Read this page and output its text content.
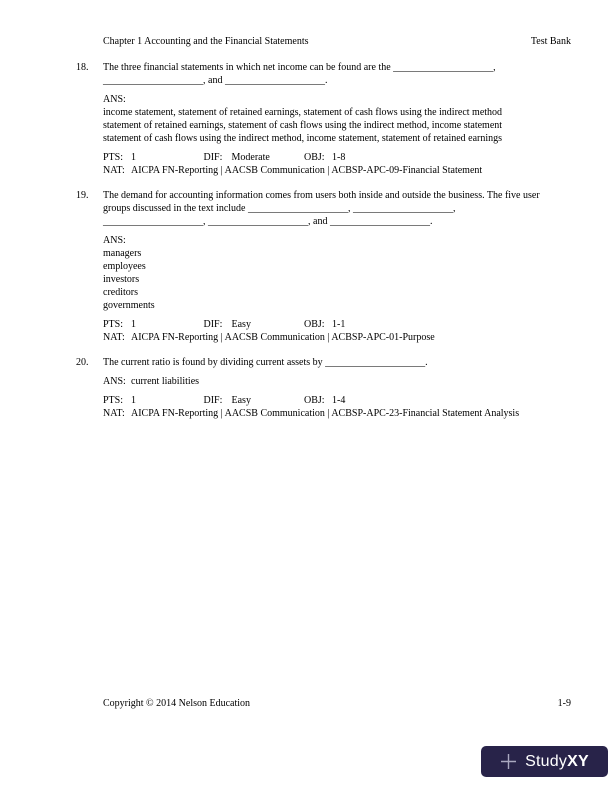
Chapter 1 Accounting and the Financial Statements	Test Bank
18. The three financial statements in which net income can be found are the ____________________, ____________________, and ____________________.
ANS:
income statement, statement of retained earnings, statement of cash flows using the indirect method
statement of retained earnings, statement of cash flows using the indirect method, income statement
statement of cash flows using the indirect method, income statement, statement of retained earnings
PTS: 1	DIF: Moderate	OBJ: 1-8
NAT: AICPA FN-Reporting | AACSB Communication | ACBSP-APC-09-Financial Statement
19. The demand for accounting information comes from users both inside and outside the business. The five user groups discussed in the text include ____________________, ____________________, ____________________, ____________________, and ____________________.
ANS:
managers
employees
investors
creditors
governments
PTS: 1	DIF: Easy	OBJ: 1-1
NAT: AICPA FN-Reporting | AACSB Communication | ACBSP-APC-01-Purpose
20. The current ratio is found by dividing current assets by ____________________.
ANS: current liabilities
PTS: 1	DIF: Easy	OBJ: 1-4
NAT: AICPA FN-Reporting | AACSB Communication | ACBSP-APC-23-Financial Statement Analysis
Copyright © 2014 Nelson Education	1-9
StudyXY
